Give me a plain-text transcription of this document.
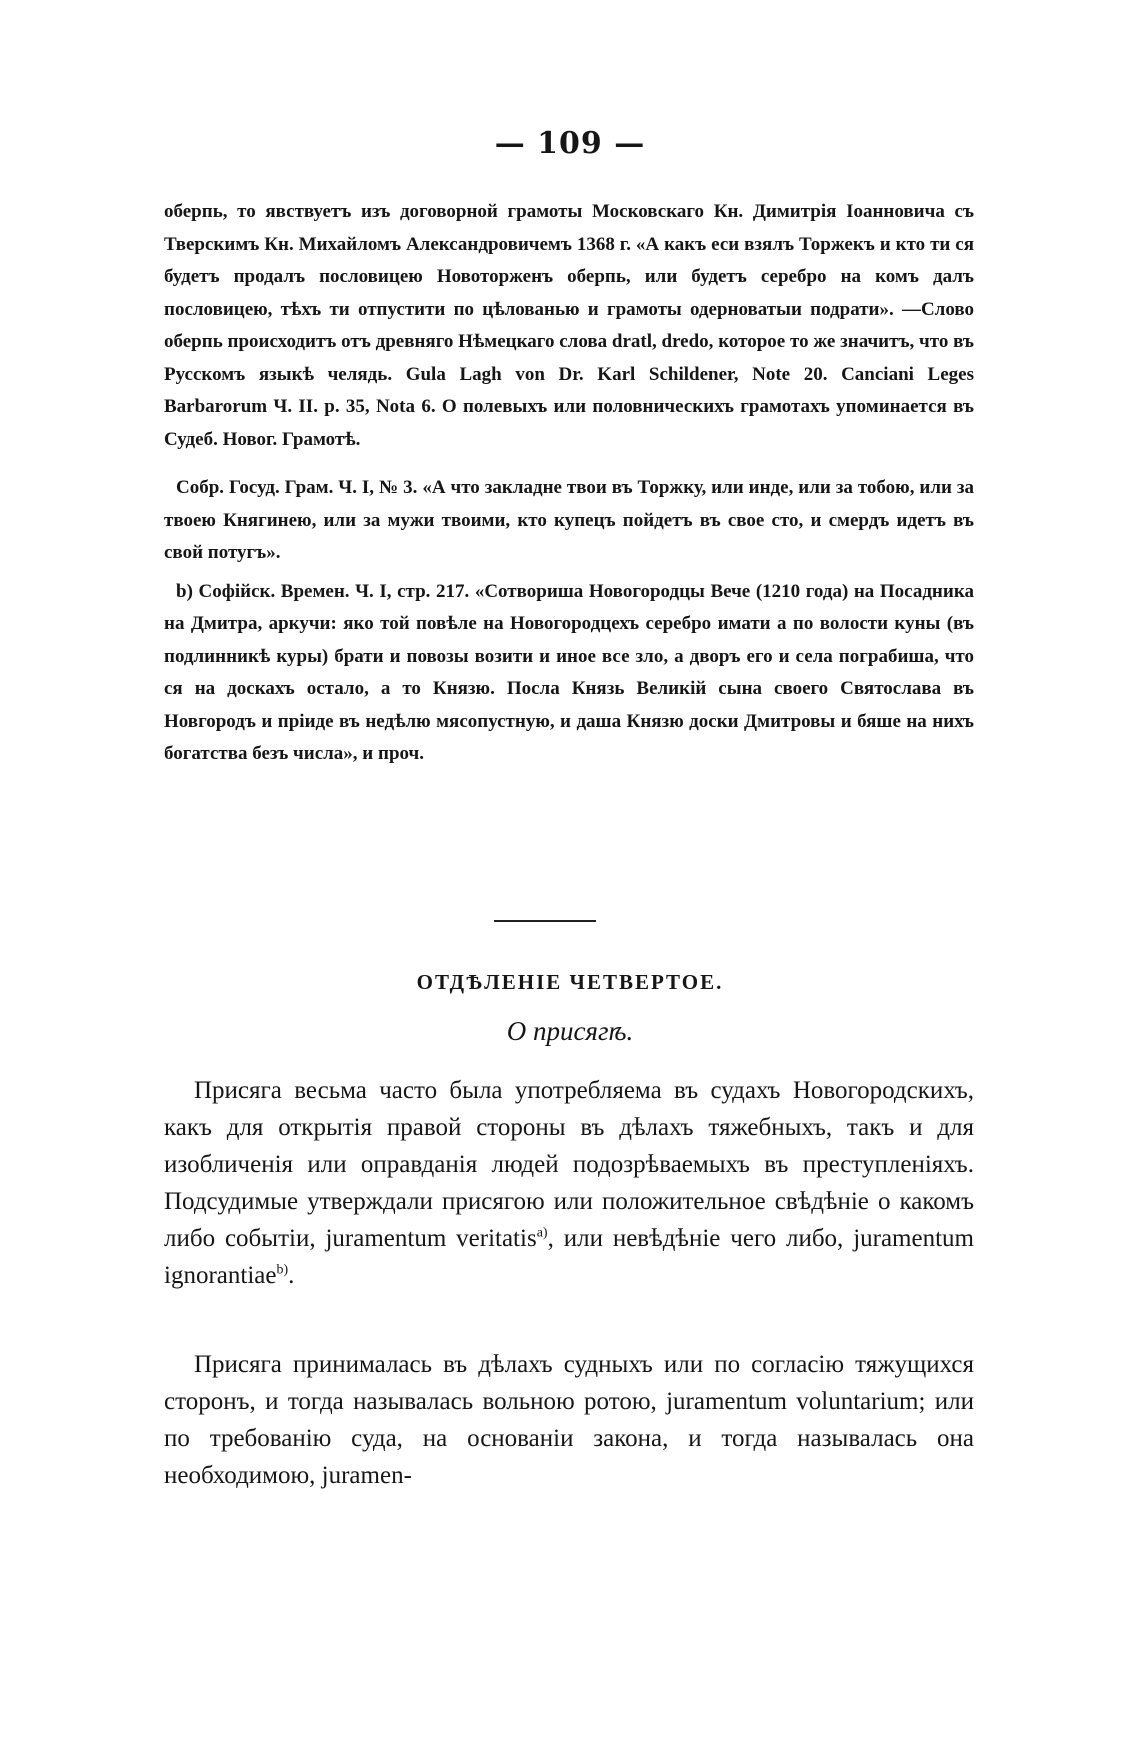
— 109 —

оберпь, то явствуетъ изъ договорной грамоты Московскаго Кн. Димитрія Іоанновича съ Тверскимъ Кн. Михайломъ Александровичемъ 1368 г. «А какъ еси взялъ Торжекъ и кто ти ся будетъ продалъ пословицею Новоторженъ оберпь, или будетъ серебро на комъ далъ пословицею, тѣхъ ти отпустити по цѣлованью и грамоты одерноватыи подрати». —Слово оберпь происходитъ отъ древняго Нѣмецкаго слова dratl, dredo, которое то же значитъ, что въ Русскомъ языкѣ челядь. Gula Lagh von Dr. Karl Schildener, Note 20. Canciani Leges Barbarorum Ч. II. p. 35, Nota 6. О полевыхъ или половническихъ грамотахъ упоминается въ Судеб. Новог. Грамотѣ.

Собр. Госуд. Грам. Ч. I, № 3. «А что закладне твои въ Торжку, или инде, или за тобою, или за твоею Княгинею, или за мужи твоими, кто купецъ пойдетъ въ свое сто, и смердъ идетъ въ свой потугъ».

b) Софійск. Времен. Ч. I, стр. 217. «Сотвориша Новогородцы Вече (1210 года) на Посадника на Дмитра, аркучи: яко той повѣле на Новогородцехъ серебро имати а по волости куны (въ подлинникѣ куры) брати и повозы возити и иное все зло, а дворъ его и села пограбиша, что ся на доскахъ остало, а то Князю. Посла Князь Великій сына своего Святослава въ Новгородъ и пріиде въ недѣлю мясопустную, и даша Князю доски Дмитровы и бяше на нихъ богатства безъ числа», и проч.

ОТДѢЛЕНІЕ ЧЕТВЕРТОЕ.
О присягѣ.

Присяга весьма часто была употребляема въ судахъ Новогородскихъ, какъ для открытія правой стороны въ дѣлахъ тяжебныхъ, такъ и для изобличенія или оправданія людей подозрѣваемыхъ въ преступленіяхъ. Подсудимые утверждали присягою или положительное свѣдѣніе о какомъ либо событіи, juramentum veritatis$^{a)}$, или невѣдѣніе чего либо, juramentum ignorantiae$^{b)}$.

Присяга принималась въ дѣлахъ судныхъ или по согласію тяжущихся сторонъ, и тогда называлась вольною ротою, juramentum voluntarium; или по требованію суда, на основаніи закона, и тогда называлась она необходимою, juramen-
